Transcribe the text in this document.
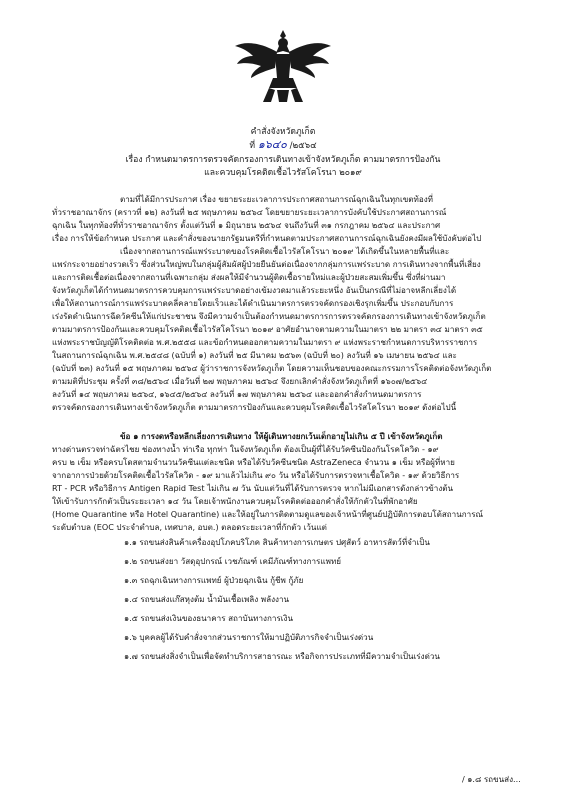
คำสั่งจังหวัดภูเก็ต
ที่ ๑๖๔๐ /๒๕๖๔
เรื่อง กำหนดมาตรการตรวจคัดกรองการเดินทางเข้าจังหวัดภูเก็ต ตามมาตรการป้องกัน
และควบคุมโรคติดเชื้อไวรัสโคโรนา ๒๐๑๙
ตามที่ได้มีการประกาศ เรื่อง ขยายระยะเวลาการประกาศสถานการณ์ฉุกเฉินในทุกเขตท้องที่
ทั่วราชอาณาจักร (คราวที่ ๑๒) ลงวันที่ ๒๕ พฤษภาคม ๒๕๖๔ โดยขยายระยะเวลาการบังคับใช้ประกาศสถานการณ์
ฉุกเฉิน ในทุกท้องที่ทั่วราชอาณาจักร ตั้งแต่วันที่ ๑ มิถุนายน ๒๕๖๔ จนถึงวันที่ ๓๑ กรกฎาคม ๒๕๖๔ และประกาศ
เรื่อง การให้ข้อกำหนด ประกาศ และคำสั่งของนายกรัฐมนตรีที่กำหนดตามประกาศสถานการณ์ฉุกเฉินยังคงมีผลใช้บังคับต่อไป
เนื่องจากสถานการณ์แพร่ระบาดของโรคติดเชื้อไวรัสโคโรนา ๒๐๑๙ ได้เกิดขึ้นในหลายพื้นที่และ
แพร่กระจายอย่างรวดเร็ว ซึ่งส่วนใหญ่พบในกลุ่มผู้สัมผัสผู้ป่วยยืนยันต่อเนื่องจากกลุ่มการแพร่ระบาด การเดินทางจากพื้นที่เสี่ยง
และการติดเชื้อต่อเนื่องจากสถานที่เฉพาะกลุ่ม ส่งผลให้มีจำนวนผู้ติดเชื้อรายใหม่และผู้ป่วยสะสมเพิ่มขึ้น ซึ่งที่ผ่านมา
จังหวัดภูเก็ตได้กำหนดมาตรการควบคุมการแพร่ระบาดอย่างเข้มงวดมาแล้วระยะหนึ่ง อันเป็นกรณีที่ไม่อาจหลีกเลี่ยงได้
เพื่อให้สถานการณ์การแพร่ระบาดคลี่คลายโดยเร็วและได้ดำเนินมาตรการตรวจคัดกรองเชิงรุกเพิ่มขึ้น ประกอบกับการ
เร่งรัดดำเนินการฉีดวัคซีนให้แก่ประชาชน จึงมีความจำเป็นต้องกำหนดมาตรการการตรวจคัดกรองการเดินทางเข้าจังหวัดภูเก็ต
ตามมาตรการป้องกันและควบคุมโรคติดเชื้อไวรัสโคโรนา ๒๐๑๙ อาศัยอำนาจตามความในมาตรา ๒๒ มาตรา ๓๔ มาตรา ๓๕
แห่งพระราชบัญญัติโรคติดต่อ พ.ศ.๒๕๕๘ และข้อกำหนดออกตามความในมาตรา ๙ แห่งพระราชกำหนดการบริหารราชการ
ในสถานการณ์ฉุกเฉิน พ.ศ.๒๕๔๘ (ฉบับที่ ๑) ลงวันที่ ๒๕ มีนาคม ๒๕๖๓ (ฉบับที่ ๒๐) ลงวันที่ ๑๖ เมษายน ๒๕๖๔ และ
(ฉบับที่ ๒๓) ลงวันที่ ๑๕ พฤษภาคม ๒๕๖๔ ผู้ว่าราชการจังหวัดภูเก็ต โดยความเห็นชอบของคณะกรรมการโรคติดต่อจังหวัดภูเก็ต
ตามมติที่ประชุม ครั้งที่ ๓๘/๒๕๖๔ เมื่อวันที่ ๒๗ พฤษภาคม ๒๕๖๔ จึงยกเลิกคำสั่งจังหวัดภูเก็ตที่ ๑๖๐๗/๒๕๖๔
ลงวันที่ ๑๔ พฤษภาคม ๒๕๖๔, ๑๖๔๕/๒๕๖๔ ลงวันที่ ๑๗ พฤษภาคม ๒๕๖๔ และออกคำสั่งกำหนดมาตรการ
ตรวจคัดกรองการเดินทางเข้าจังหวัดภูเก็ต ตามมาตรการป้องกันและควบคุมโรคติดเชื้อไวรัสโคโรนา ๒๐๑๙ ดังต่อไปนี้
ข้อ ๑ การงดหรือหลีกเลี่ยงการเดินทาง ให้ผู้เดินทางยกเว้นเด็กอายุไม่เกิน ๕ ปี เข้าจังหวัดภูเก็ต
ทางด่านตรวจท่าฉัตรไชย ช่องทางน้ำ ท่าเรือ ทุกท่า ในจังหวัดภูเก็ต ต้องเป็นผู้ที่ได้รับวัคซีนป้องกันโรคโควิด - ๑๙
ครบ ๒ เข็ม หรือครบโดสตามจำนวนวัคซีนแต่ละชนิด หรือได้รับวัคซีนชนิด AstraZeneca จำนวน ๑ เข็ม หรือผู้ที่หาย
จากอาการป่วยด้วยโรคติดเชื้อไวรัสโควิด - ๑๙ มาแล้วไม่เกิน ๙๐ วัน หรือได้รับการตรวจหาเชื้อโควิด - ๑๙ ด้วยวิธีการ
RT - PCR หรือวิธีการ Antigen Rapid Test ไม่เกิน ๗ วัน นับแต่วันที่ได้รับการตรวจ หากไม่มีเอกสารดังกล่าวข้างต้น
ให้เข้ารับการกักตัวเป็นระยะเวลา ๑๔ วัน โดยเจ้าพนักงานควบคุมโรคติดต่อออกคำสั่งให้กักตัวในที่พักอาศัย
(Home Quarantine หรือ Hotel Quarantine) และให้อยู่ในการติดตามดูแลของเจ้าหน้าที่ศูนย์ปฏิบัติการตอบโต้สถานการณ์
ระดับตำบล (EOC ประจำตำบล, เทศบาล, อบต.) ตลอดระยะเวลาที่กักตัว เว้นแต่
๑.๑ รถขนส่งสินค้าเครื่องอุปโภคบริโภค สินค้าทางการเกษตร ปศุสัตว์ อาหารสัตว์ที่จำเป็น
๑.๒ รถขนส่งยา วัสดุอุปกรณ์ เวชภัณฑ์ เคมีภัณฑ์ทางการแพทย์
๑.๓ รถฉุกเฉินทางการแพทย์ ผู้ป่วยฉุกเฉิน กู้ชีพ กู้ภัย
๑.๔ รถขนส่งแก๊สหุงต้ม น้ำมันเชื้อเพลิง พลังงาน
๑.๕ รถขนส่งเงินของธนาคาร สถาบันทางการเงิน
๑.๖ บุคคลผู้ได้รับคำสั่งจากส่วนราชการให้มาปฏิบัติภารกิจจำเป็นเร่งด่วน
๑.๗ รถขนส่งสิ่งจำเป็นเพื่อจัดทำบริการสาธารณะ หรือกิจการประเภทที่มีความจำเป็นเร่งด่วน
/ ๑.๘ รถขนส่ง...
